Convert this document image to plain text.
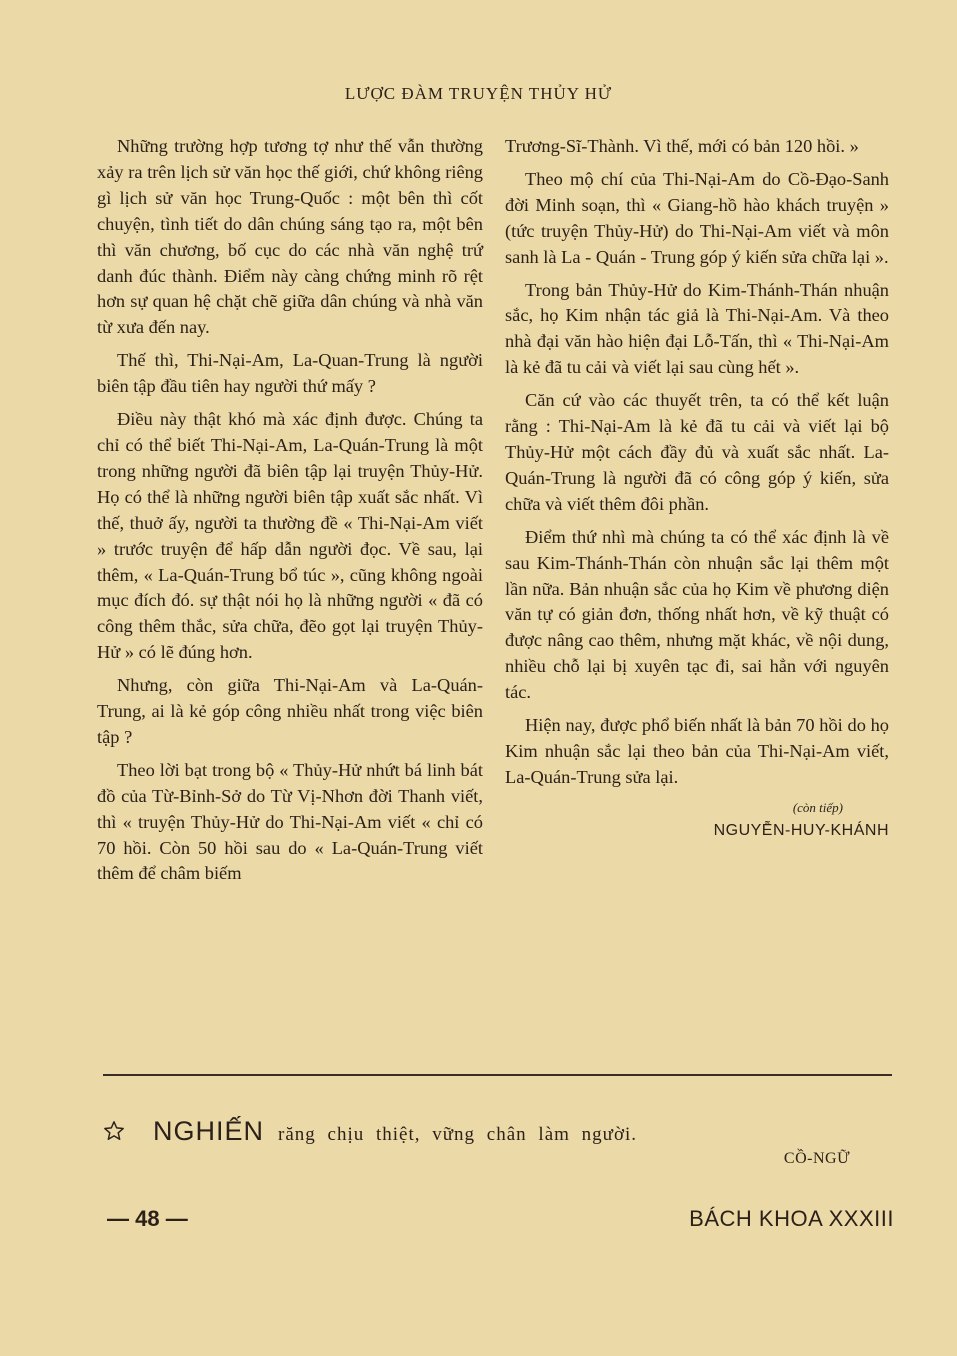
LƯỢC ĐÀM TRUYỆN THỦY HỬ

Những trường hợp tương tợ như thế vẫn thường xảy ra trên lịch sử văn học thế giới, chứ không riêng gì lịch sử văn học Trung-Quốc : một bên thì cốt chuyện, tình tiết do dân chúng sáng tạo ra, một bên thì văn chương, bố cục do các nhà văn nghệ trứ danh đúc thành. Điểm này càng chứng minh rõ rệt hơn sự quan hệ chặt chẽ giữa dân chúng và nhà văn từ xưa đến nay.

Thế thì, Thi-Nại-Am, La-Quan-Trung là người biên tập đầu tiên hay người thứ mấy ?

Điều này thật khó mà xác định được. Chúng ta chỉ có thể biết Thi-Nại-Am, La-Quán-Trung là một trong những người đã biên tập lại truyện Thủy-Hử. Họ có thể là những người biên tập xuất sắc nhất. Vì thế, thuở ấy, người ta thường đề « Thi-Nại-Am viết » trước truyện để hấp dẫn người đọc. Về sau, lại thêm, « La-Quán-Trung bổ túc », cũng không ngoài mục đích đó. sự thật nói họ là những người « đã có công thêm thắc, sửa chữa, đẽo gọt lại truyện Thủy-Hử » có lẽ đúng hơn.

Nhưng, còn giữa Thi-Nại-Am và La-Quán-Trung, ai là kẻ góp công nhiều nhất trong việc biên tập ?

Theo lời bạt trong bộ « Thủy-Hử nhứt bá linh bát đồ của Từ-Bỉnh-Sở do Từ Vị-Nhơn đời Thanh viết, thì « truyện Thủy-Hử do Thi-Nại-Am viết « chỉ có 70 hồi. Còn 50 hồi sau do « La-Quán-Trung viết thêm để châm biếm

Trương-Sĩ-Thành. Vì thế, mới có bản 120 hồi. »

Theo mộ chí của Thi-Nại-Am do Cồ-Đạo-Sanh đời Minh soạn, thì « Giang-hồ hào khách truyện » (tức truyện Thủy-Hử) do Thi-Nại-Am viết và môn sanh là La - Quán - Trung góp ý kiến sửa chữa lại ».

Trong bản Thủy-Hử do Kim-Thánh-Thán nhuận sắc, họ Kim nhận tác giả là Thi-Nại-Am. Và theo nhà đại văn hào hiện đại Lỗ-Tấn, thì « Thi-Nại-Am là kẻ đã tu cải và viết lại sau cùng hết ».

Căn cứ vào các thuyết trên, ta có thể kết luận rằng : Thi-Nại-Am là kẻ đã tu cải và viết lại bộ Thủy-Hử một cách đầy đủ và xuất sắc nhất. La-Quán-Trung là người đã có công góp ý kiến, sửa chữa và viết thêm đôi phần.

Điểm thứ nhì mà chúng ta có thể xác định là về sau Kim-Thánh-Thán còn nhuận sắc lại thêm một lần nữa. Bản nhuận sắc của họ Kim về phương diện văn tự có giản đơn, thống nhất hơn, về kỹ thuật có được nâng cao thêm, nhưng mặt khác, về nội dung, nhiều chỗ lại bị xuyên tạc đi, sai hẳn với nguyên tác.

Hiện nay, được phổ biến nhất là bản 70 hồi do họ Kim nhuận sắc lại theo bản của Thi-Nại-Am viết, La-Quán-Trung sửa lại.

(còn tiếp)
NGUYỄN-HUY-KHÁNH
NGHIẾN răng chịu thiệt, vững chân làm người.
CỒ-NGỮ
— 48 —	BÁCH KHOA XXXIII
